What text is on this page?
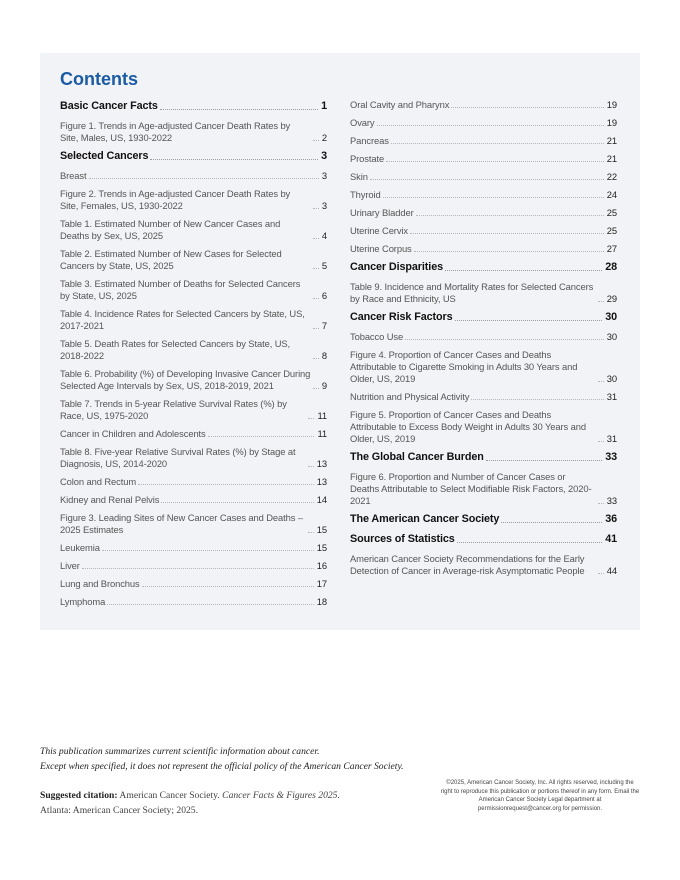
Contents
Basic Cancer Facts	1
Figure 1. Trends in Age-adjusted Cancer Death Rates by Site, Males, US, 1930-2022	2
Selected Cancers	3
Breast	3
Figure 2. Trends in Age-adjusted Cancer Death Rates by Site, Females, US, 1930-2022	3
Table 1. Estimated Number of New Cancer Cases and Deaths by Sex, US, 2025	4
Table 2. Estimated Number of New Cases for Selected Cancers by State, US, 2025	5
Table 3. Estimated Number of Deaths for Selected Cancers by State, US, 2025	6
Table 4. Incidence Rates for Selected Cancers by State, US, 2017-2021	7
Table 5. Death Rates for Selected Cancers by State, US, 2018-2022	8
Table 6. Probability (%) of Developing Invasive Cancer During Selected Age Intervals by Sex, US, 2018-2019, 2021	9
Table 7. Trends in 5-year Relative Survival Rates (%) by Race, US, 1975-2020	11
Cancer in Children and Adolescents	11
Table 8. Five-year Relative Survival Rates (%) by Stage at Diagnosis, US, 2014-2020	13
Colon and Rectum	13
Kidney and Renal Pelvis	14
Figure 3. Leading Sites of New Cancer Cases and Deaths – 2025 Estimates	15
Leukemia	15
Liver	16
Lung and Bronchus	17
Lymphoma	18
Oral Cavity and Pharynx	19
Ovary	19
Pancreas	21
Prostate	21
Skin	22
Thyroid	24
Urinary Bladder	25
Uterine Cervix	25
Uterine Corpus	27
Cancer Disparities	28
Table 9. Incidence and Mortality Rates for Selected Cancers by Race and Ethnicity, US	29
Cancer Risk Factors	30
Tobacco Use	30
Figure 4. Proportion of Cancer Cases and Deaths Attributable to Cigarette Smoking in Adults 30 Years and Older, US, 2019	30
Nutrition and Physical Activity	31
Figure 5. Proportion of Cancer Cases and Deaths Attributable to Excess Body Weight in Adults 30 Years and Older, US, 2019	31
The Global Cancer Burden	33
Figure 6. Proportion and Number of Cancer Cases or Deaths Attributable to Select Modifiable Risk Factors, 2020-2021	33
The American Cancer Society	36
Sources of Statistics	41
American Cancer Society Recommendations for the Early Detection of Cancer in Average-risk Asymptomatic People	44

This publication summarizes current scientific information about cancer.

Except when specified, it does not represent the official policy of the American Cancer Society.

Suggested citation: American Cancer Society. Cancer Facts & Figures 2025.
Atlanta: American Cancer Society; 2025.
©2025, American Cancer Society, Inc. All rights reserved, including the right to reproduce this publication or portions thereof in any form. Email the American Cancer Society Legal department at permissionrequest@cancer.org for permission.
